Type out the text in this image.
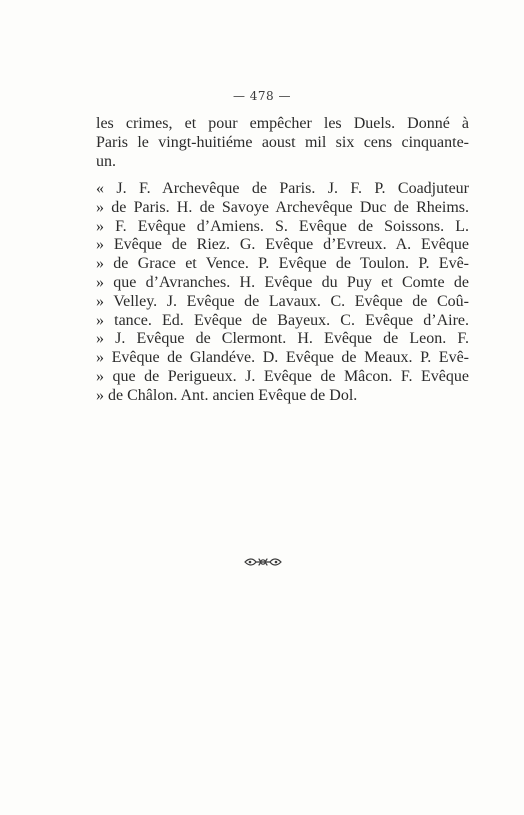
— 478 —
les crimes, et pour empêcher les Duels. Donné à
Paris le vingt-huitiéme aoust mil six cens cinquante-
un.
« J. F. Archevêque de Paris. J. F. P. Coadjuteur
» de Paris. H. de Savoye Archevêque Duc de Rheims.
» F. Evêque d’Amiens. S. Evêque de Soissons. L.
» Evêque de Riez. G. Evêque d’Evreux. A. Evêque
» de Grace et Vence. P. Evêque de Toulon. P. Evê-
» que d’Avranches. H. Evêque du Puy et Comte de
» Velley. J. Evêque de Lavaux. C. Evêque de Coû-
» tance. Ed. Evêque de Bayeux. C. Evêque d’Aire.
» J. Evêque de Clermont. H. Evêque de Leon. F.
» Evêque de Glandéve. D. Evêque de Meaux. P. Evê-
» que de Perigueux. J. Evêque de Mâcon. F. Evêque
» de Châlon. Ant. ancien Evêque de Dol.
